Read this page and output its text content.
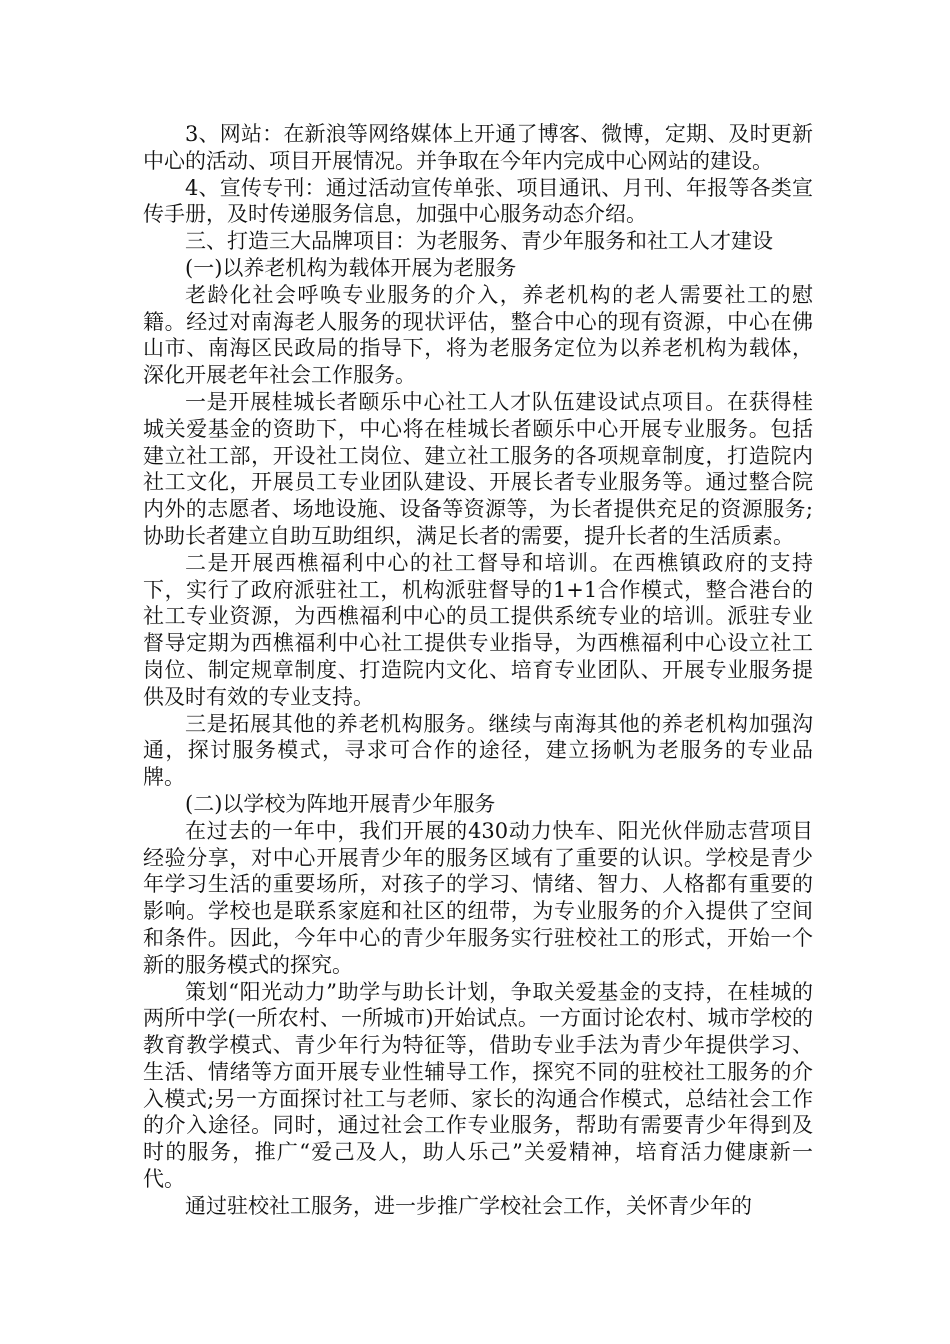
3、网站：在新浪等网络媒体上开通了博客、微博，定期、及时更新中心的活动、项目开展情况。并争取在今年内完成中心网站的建设。

4、宣传专刊：通过活动宣传单张、项目通讯、月刊、年报等各类宣传手册，及时传递服务信息，加强中心服务动态介绍。

三、打造三大品牌项目：为老服务、青少年服务和社工人才建设

(一)以养老机构为载体开展为老服务

老龄化社会呼唤专业服务的介入，养老机构的老人需要社工的慰籍。经过对南海老人服务的现状评估，整合中心的现有资源，中心在佛山市、南海区民政局的指导下，将为老服务定位为以养老机构为载体，深化开展老年社会工作服务。

一是开展桂城长者颐乐中心社工人才队伍建设试点项目。在获得桂城关爱基金的资助下，中心将在桂城长者颐乐中心开展专业服务。包括建立社工部，开设社工岗位、建立社工服务的各项规章制度，打造院内社工文化，开展员工专业团队建设、开展长者专业服务等。通过整合院内外的志愿者、场地设施、设备等资源等，为长者提供充足的资源服务;协助长者建立自助互助组织，满足长者的需要，提升长者的生活质素。

二是开展西樵福利中心的社工督导和培训。在西樵镇政府的支持下，实行了政府派驻社工，机构派驻督导的1+1合作模式，整合港台的社工专业资源，为西樵福利中心的员工提供系统专业的培训。派驻专业督导定期为西樵福利中心社工提供专业指导，为西樵福利中心设立社工岗位、制定规章制度、打造院内文化、培育专业团队、开展专业服务提供及时有效的专业支持。

三是拓展其他的养老机构服务。继续与南海其他的养老机构加强沟通，探讨服务模式，寻求可合作的途径，建立扬帆为老服务的专业品牌。

(二)以学校为阵地开展青少年服务

在过去的一年中，我们开展的430动力快车、阳光伙伴励志营项目经验分享，对中心开展青少年的服务区域有了重要的认识。学校是青少年学习生活的重要场所，对孩子的学习、情绪、智力、人格都有重要的影响。学校也是联系家庭和社区的纽带，为专业服务的介入提供了空间和条件。因此，今年中心的青少年服务实行驻校社工的形式，开始一个新的服务模式的探究。

策划“阳光动力”助学与助长计划，争取关爱基金的支持，在桂城的两所中学(一所农村、一所城市)开始试点。一方面讨论农村、城市学校的教育教学模式、青少年行为特征等，借助专业手法为青少年提供学习、生活、情绪等方面开展专业性辅导工作，探究不同的驻校社工服务的介入模式;另一方面探讨社工与老师、家长的沟通合作模式，总结社会工作的介入途径。同时，通过社会工作专业服务，帮助有需要青少年得到及时的服务，推广“爱己及人，助人乐己”关爱精神，培育活力健康新一代。

通过驻校社工服务，进一步推广学校社会工作，关怀青少年的
